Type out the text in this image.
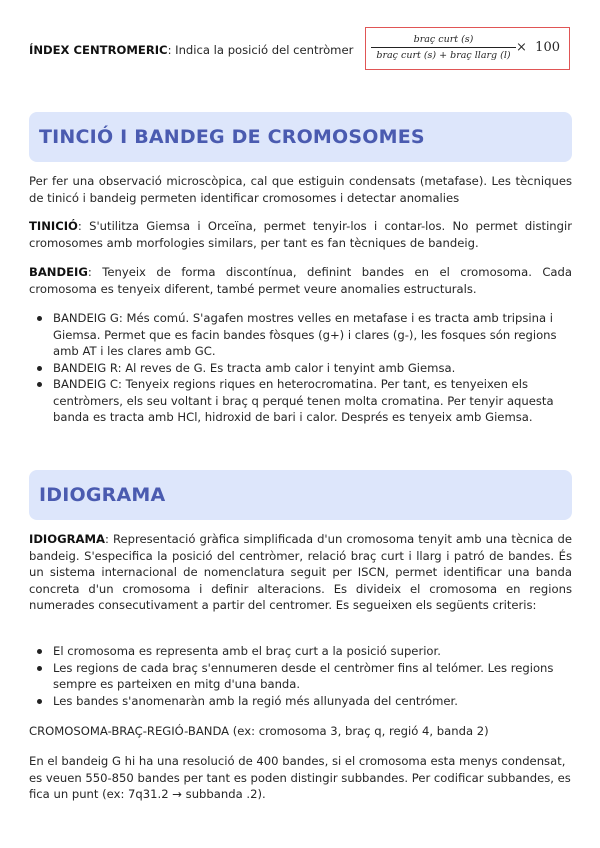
ÍNDEX CENTROMERIC: Indica la posició del centròmer
braç curt (s)
braç curt (s) + braç llarg (l)
× 100
TINCIÓ I BANDEG DE CROMOSOMES

Per fer una observació microscòpica, cal que estiguin condensats (metafase). Les tècniques de tinicó i bandeig permeten identificar cromosomes i detectar anomalies

TINICIÓ: S'utilitza Giemsa i Orceïna, permet tenyir-los i contar-los. No permet distingir cromosomes amb morfologies similars, per tant es fan tècniques de bandeig.

BANDEIG: Tenyeix de forma discontínua, definint bandes en el cromosoma. Cada cromosoma es tenyeix diferent, també permet veure anomalies estructurals.

BANDEIG G: Més comú. S'agafen mostres velles en metafase i es tracta amb tripsina i Giemsa. Permet que es facin bandes fòsques (g+) i clares (g-), les fosques són regions amb AT i les clares amb GC.
BANDEIG R: Al reves de G. Es tracta amb calor i tenyint amb Giemsa.
BANDEIG C: Tenyeix regions riques en heterocromatina. Per tant, es tenyeixen els centròmers, els seu voltant i braç q perqué tenen molta cromatina. Per tenyir aquesta banda es tracta amb HCl, hidroxid de bari i calor. Després es tenyeix amb Giemsa.
IDIOGRAMA

IDIOGRAMA: Representació gràfica simplificada d'un cromosoma tenyit amb una tècnica de bandeig. S'especifica la posició del centròmer, relació braç curt i llarg i patró de bandes. És un sistema internacional de nomenclatura seguit per ISCN, permet identificar una banda concreta d'un cromosoma i definir alteracions. Es divideix el cromosoma en regions numerades consecutivament a partir del centromer. Es segueixen els següents criteris:

El cromosoma es representa amb el braç curt a la posició superior.
Les regions de cada braç s'ennumeren desde el centròmer fins al telómer. Les regions sempre es parteixen en mitg d'una banda.
Les bandes s'anomenaràn amb la regió més allunyada del centrómer.

CROMOSOMA-BRAÇ-REGIÓ-BANDA (ex: cromosoma 3, braç q, regió 4, banda 2)

En el bandeig G hi ha una resolució de 400 bandes, si el cromosoma esta menys condensat, es veuen 550-850 bandes per tant es poden distingir subbandes. Per codificar subbandes, es fica un punt (ex: 7q31.2 → subbanda .2).
